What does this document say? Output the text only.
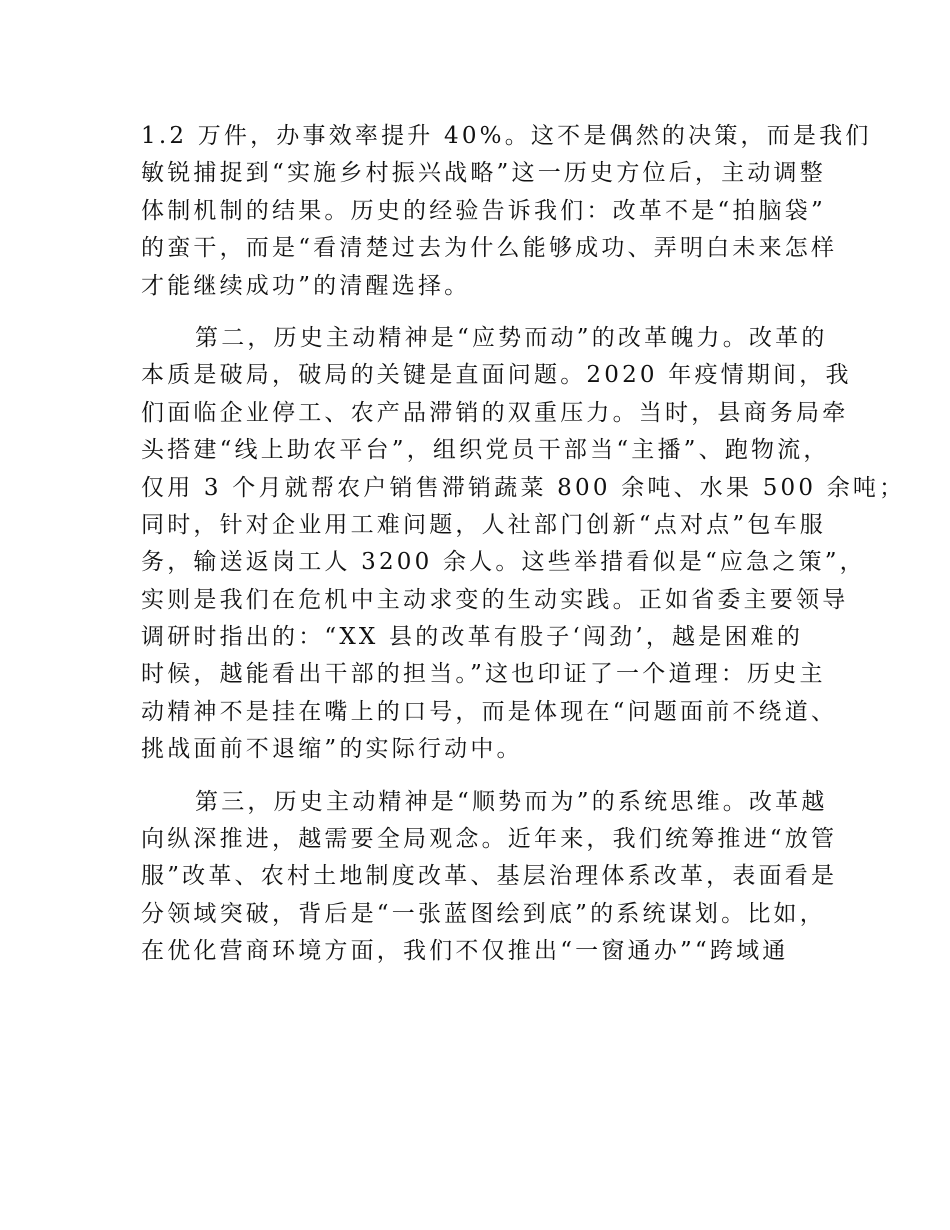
1.2 万件，办事效率提升 40%。这不是偶然的决策，而是我们
敏锐捕捉到“实施乡村振兴战略”这一历史方位后，主动调整
体制机制的结果。历史的经验告诉我们：改革不是“拍脑袋”
的蛮干，而是“看清楚过去为什么能够成功、弄明白未来怎样
才能继续成功”的清醒选择。
第二，历史主动精神是“应势而动”的改革魄力。改革的
本质是破局，破局的关键是直面问题。2020 年疫情期间，我
们面临企业停工、农产品滞销的双重压力。当时，县商务局牵
头搭建“线上助农平台”，组织党员干部当“主播”、跑物流，
仅用 3 个月就帮农户销售滞销蔬菜 800 余吨、水果 500 余吨；
同时，针对企业用工难问题，人社部门创新“点对点”包车服
务，输送返岗工人 3200 余人。这些举措看似是“应急之策”，
实则是我们在危机中主动求变的生动实践。正如省委主要领导
调研时指出的：“XX 县的改革有股子‘闯劲’，越是困难的
时候，越能看出干部的担当。”这也印证了一个道理：历史主
动精神不是挂在嘴上的口号，而是体现在“问题面前不绕道、
挑战面前不退缩”的实际行动中。
第三，历史主动精神是“顺势而为”的系统思维。改革越
向纵深推进，越需要全局观念。近年来，我们统筹推进“放管
服”改革、农村土地制度改革、基层治理体系改革，表面看是
分领域突破，背后是“一张蓝图绘到底”的系统谋划。比如，
在优化营商环境方面，我们不仅推出“一窗通办”“跨域通
